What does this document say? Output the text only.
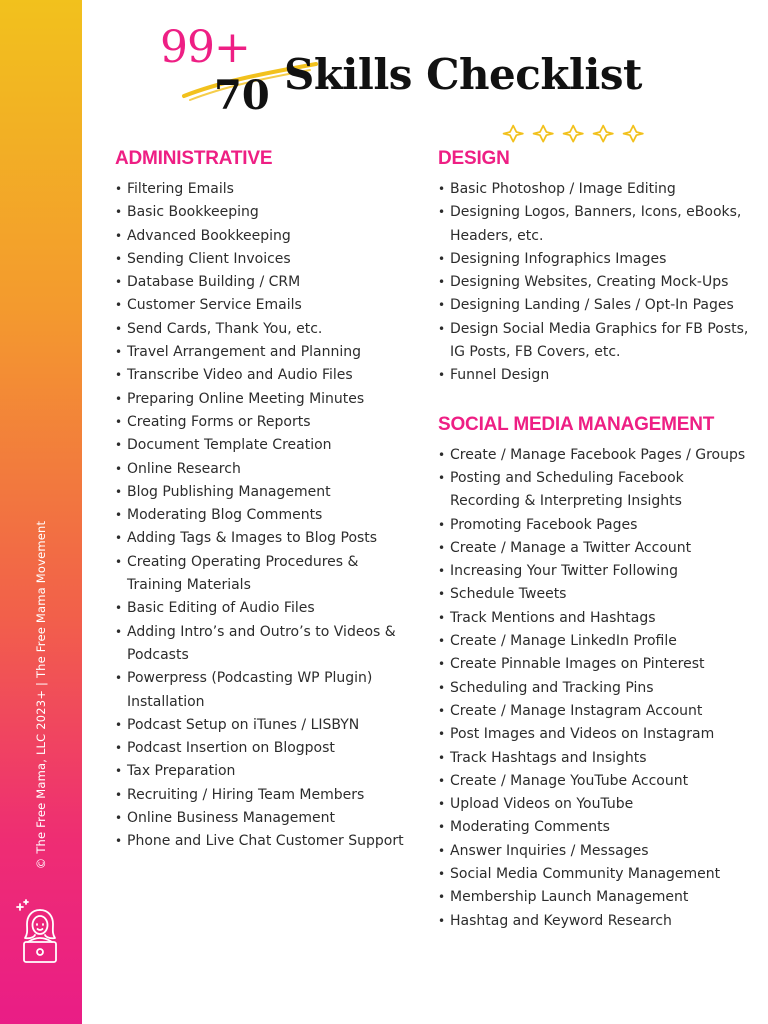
© The Free Mama, LLC 2023+ | The Free Mama Movement
99+
70 Skills Checklist
ADMINISTRATIVE
• Filtering Emails
• Basic Bookkeeping
• Advanced Bookkeeping
• Sending Client Invoices
• Database Building / CRM
• Customer Service Emails
• Send Cards, Thank You, etc.
• Travel Arrangement and Planning
• Transcribe Video and Audio Files
• Preparing Online Meeting Minutes
• Creating Forms or Reports
• Document Template Creation
• Online Research
• Blog Publishing Management
• Moderating Blog Comments
• Adding Tags & Images to Blog Posts
• Creating Operating Procedures & Training Materials
• Basic Editing of Audio Files
• Adding Intro’s and Outro’s to Videos & Podcasts
• Powerpress (Podcasting WP Plugin) Installation
• Podcast Setup on iTunes / LISBYN
• Podcast Insertion on Blogpost
• Tax Preparation
• Recruiting / Hiring Team Members
• Online Business Management
• Phone and Live Chat Customer Support
DESIGN
• Basic Photoshop / Image Editing
• Designing Logos, Banners, Icons, eBooks, Headers, etc.
• Designing Infographics Images
• Designing Websites, Creating Mock-Ups
• Designing Landing / Sales / Opt-In Pages
• Design Social Media Graphics for FB Posts, IG Posts, FB Covers, etc.
• Funnel Design
SOCIAL MEDIA MANAGEMENT
• Create / Manage Facebook Pages / Groups
• Posting and Scheduling Facebook Recording & Interpreting Insights
• Promoting Facebook Pages
• Create / Manage a Twitter Account
• Increasing Your Twitter Following
• Schedule Tweets
• Track Mentions and Hashtags
• Create / Manage LinkedIn Profile
• Create Pinnable Images on Pinterest
• Scheduling and Tracking Pins
• Create / Manage Instagram Account
• Post Images and Videos on Instagram
• Track Hashtags and Insights
• Create / Manage YouTube Account
• Upload Videos on YouTube
• Moderating Comments
• Answer Inquiries / Messages
• Social Media Community Management
• Membership Launch Management
• Hashtag and Keyword Research
